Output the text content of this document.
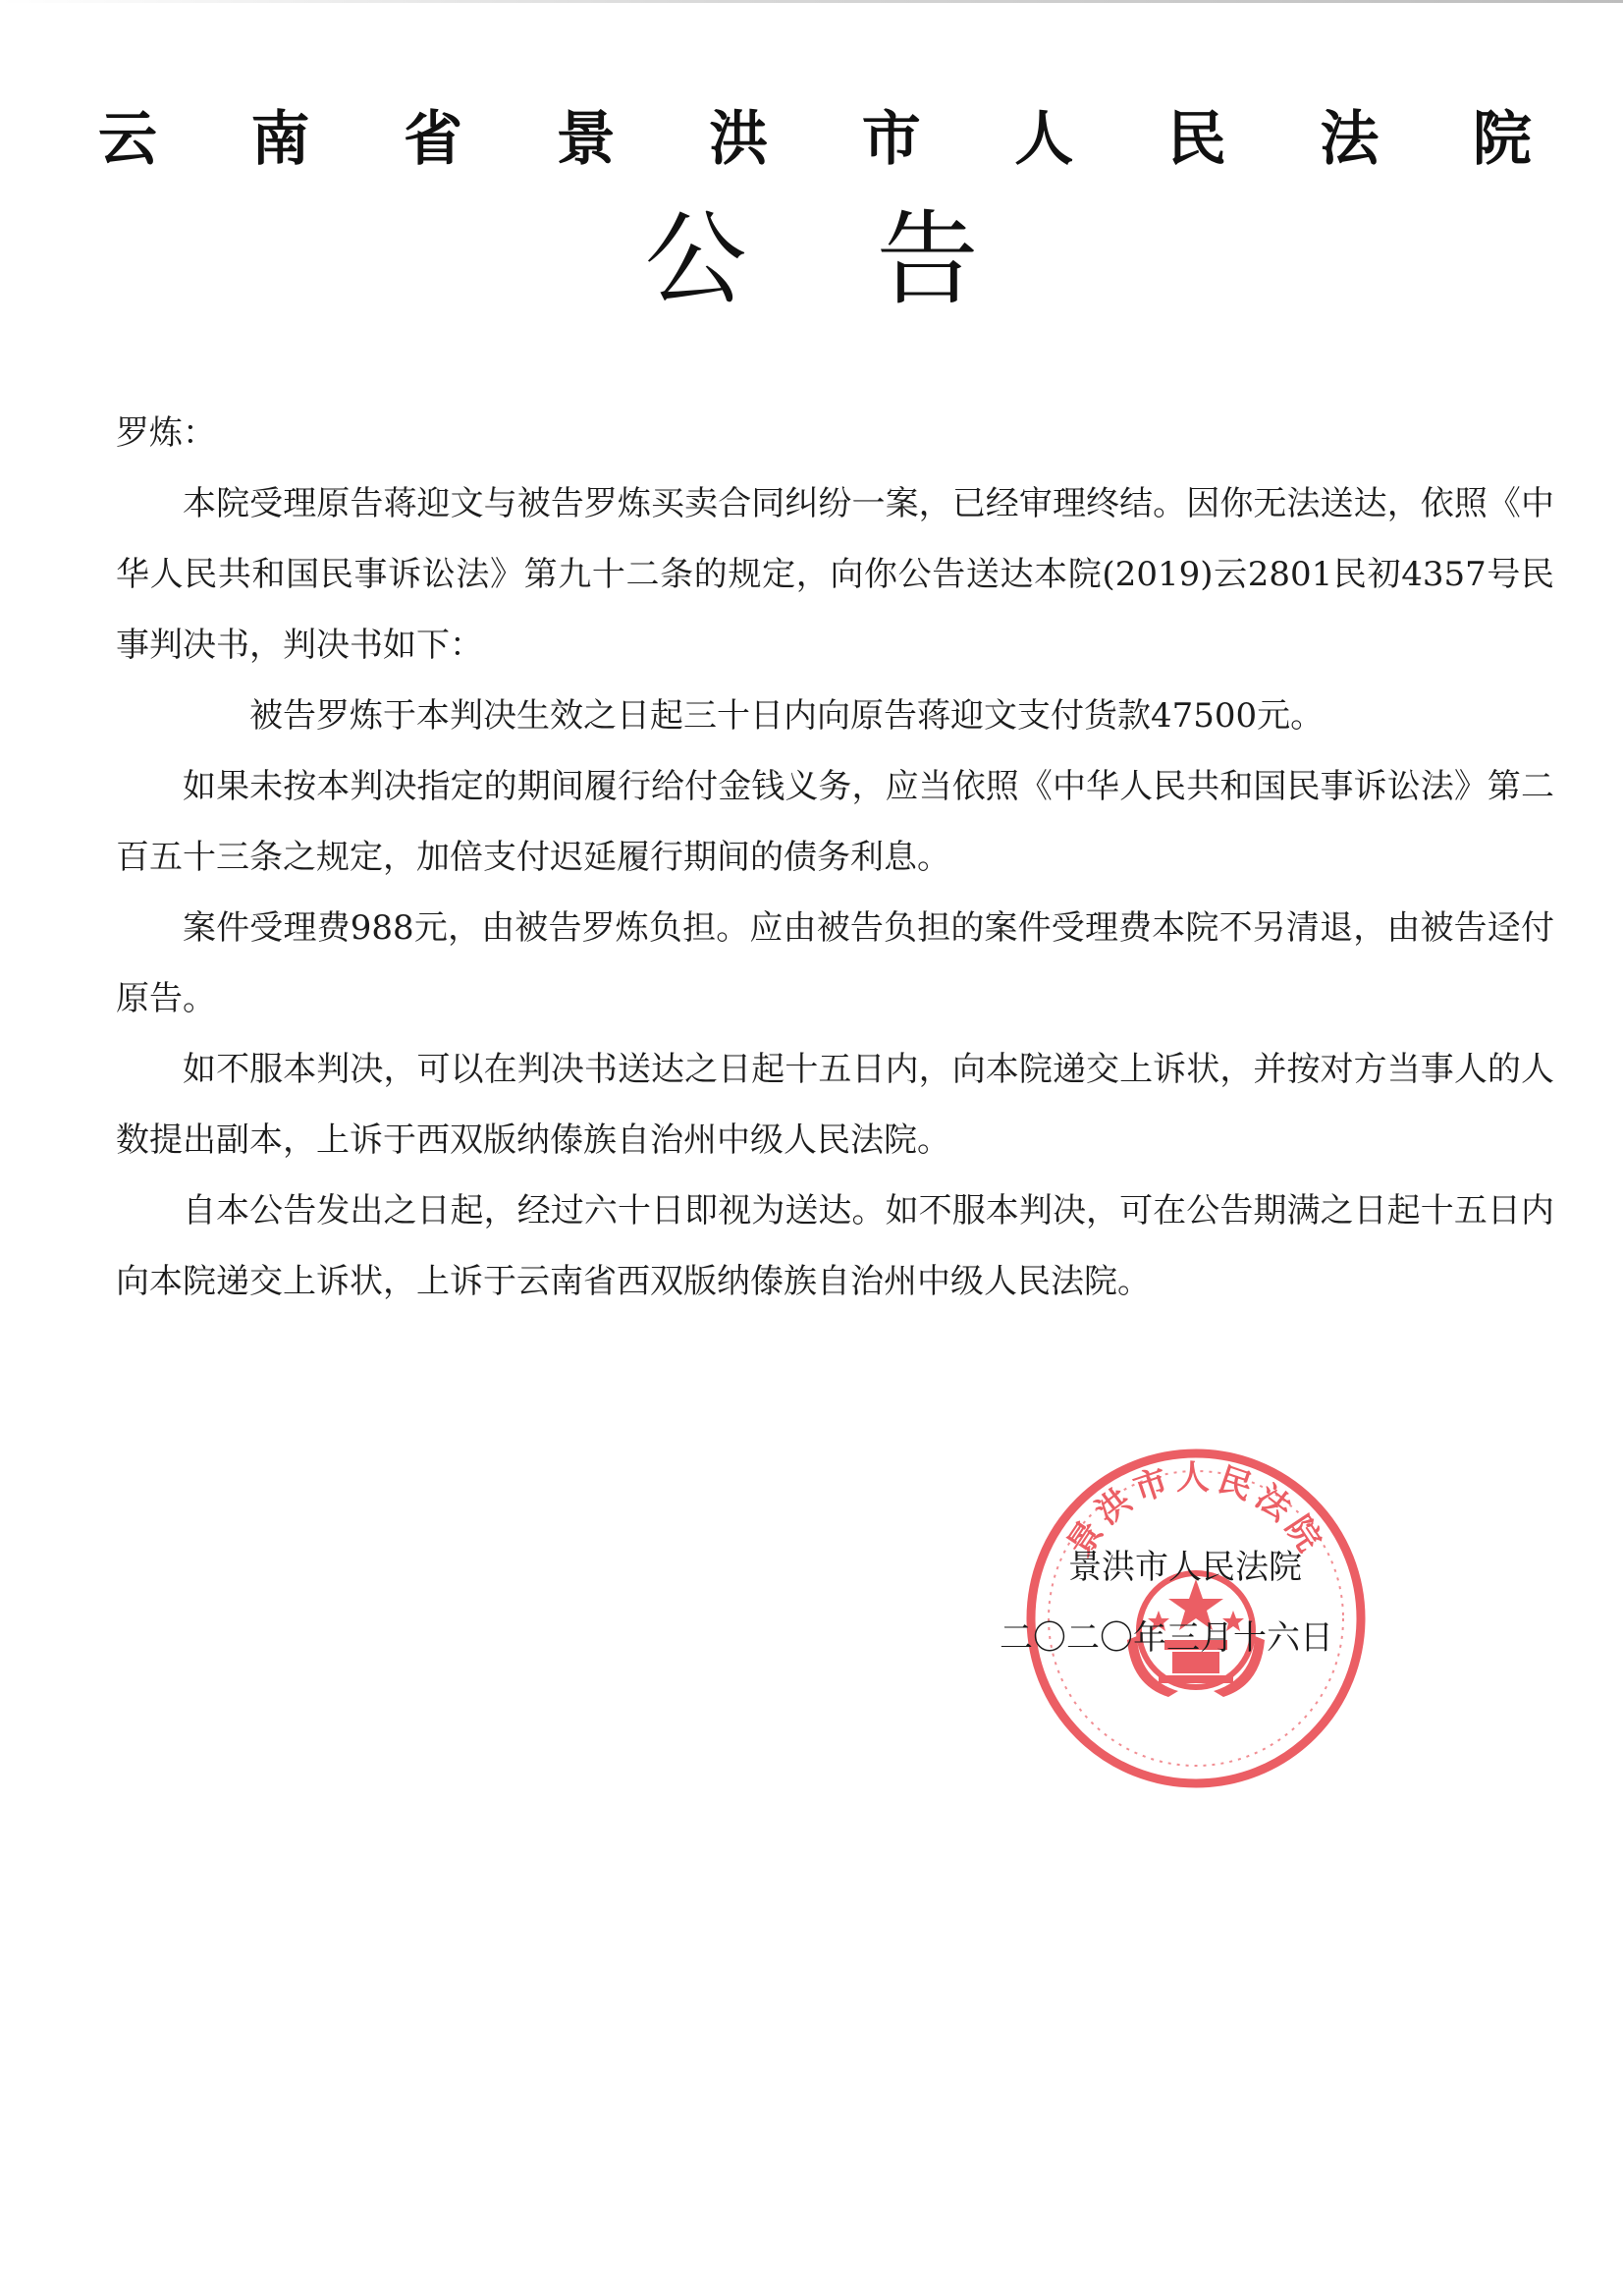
云 南 省 景 洪 市 人 民 法 院
公 告

罗炼：

本院受理原告蒋迎文与被告罗炼买卖合同纠纷一案，已经审理终结。因你无法送达，依照《中华人民共和国民事诉讼法》第九十二条的规定，向你公告送达本院(2019)云2801民初4357号民事判决书，判决书如下：

被告罗炼于本判决生效之日起三十日内向原告蒋迎文支付货款47500元。

如果未按本判决指定的期间履行给付金钱义务，应当依照《中华人民共和国民事诉讼法》第二百五十三条之规定，加倍支付迟延履行期间的债务利息。

案件受理费988元，由被告罗炼负担。应由被告负担的案件受理费本院不另清退，由被告迳付原告。

如不服本判决，可以在判决书送达之日起十五日内，向本院递交上诉状，并按对方当事人的人数提出副本，上诉于西双版纳傣族自治州中级人民法院。

自本公告发出之日起，经过六十日即视为送达。如不服本判决，可在公告期满之日起十五日内向本院递交上诉状，上诉于云南省西双版纳傣族自治州中级人民法院。

景洪市人民法院
景洪市人民法院
二〇二〇年三月十六日
